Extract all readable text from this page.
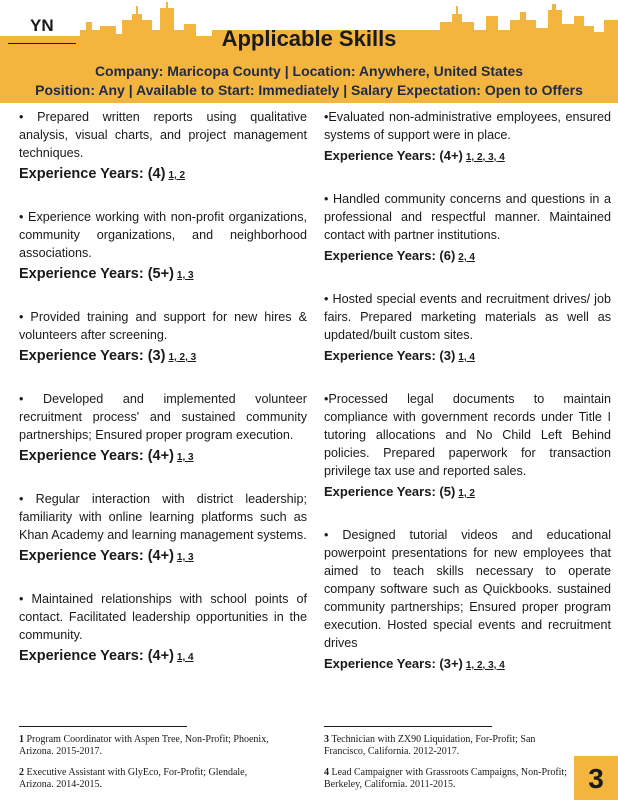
YN
Applicable Skills
Company: Maricopa County | Location: Anywhere, United States
Position: Any | Available to Start: Immediately | Salary Expectation: Open to Offers

• Prepared written reports using qualitative analysis, visual charts, and project management techniques.

Experience Years: (4) 1, 2

• Experience working with non-profit organizations, community organizations, and neighborhood associations.

Experience Years: (5+) 1, 3

• Provided training and support for new hires & volunteers after screening.

Experience Years: (3) 1, 2, 3

• Developed and implemented volunteer recruitment process' and sustained community partnerships; Ensured proper program execution.

Experience Years: (4+) 1, 3

• Regular interaction with district leadership; familiarity with online learning platforms such as Khan Academy and learning management systems.

Experience Years: (4+) 1, 3

• Maintained relationships with school points of contact. Facilitated leadership opportunities in the community.

Experience Years: (4+) 1, 4

•Evaluated non-administrative employees, ensured systems of support were in place.

Experience Years: (4+) 1, 2, 3, 4

• Handled community concerns and questions in a professional and respectful manner. Maintained contact with partner institutions.

Experience Years: (6) 2, 4

• Hosted special events and recruitment drives/ job fairs. Prepared marketing materials as well as updated/built custom sites.

Experience Years: (3) 1, 4

•Processed legal documents to maintain compliance with government records under Title I tutoring allocations and No Child Left Behind policies. Prepared paperwork for transaction privilege tax use and reported sales.

Experience Years: (5) 1, 2

• Designed tutorial videos and educational powerpoint presentations for new employees that aimed to teach skills necessary to operate company software such as Quickbooks. sustained community partnerships; Ensured proper program execution. Hosted special events and recruitment drives

Experience Years: (3+) 1, 2, 3, 4
1 Program Coordinator with Aspen Tree, Non-Profit; Phoenix, Arizona. 2015-2017.
2 Executive Assistant with GlyEco, For-Profit; Glendale, Arizona. 2014-2015.
3 Technician with ZX90 Liquidation, For-Profit; San Francisco, California. 2012-2017.
4 Lead Campaigner with Grassroots Campaigns, Non-Profit; Berkeley, California. 2011-2015.	3
